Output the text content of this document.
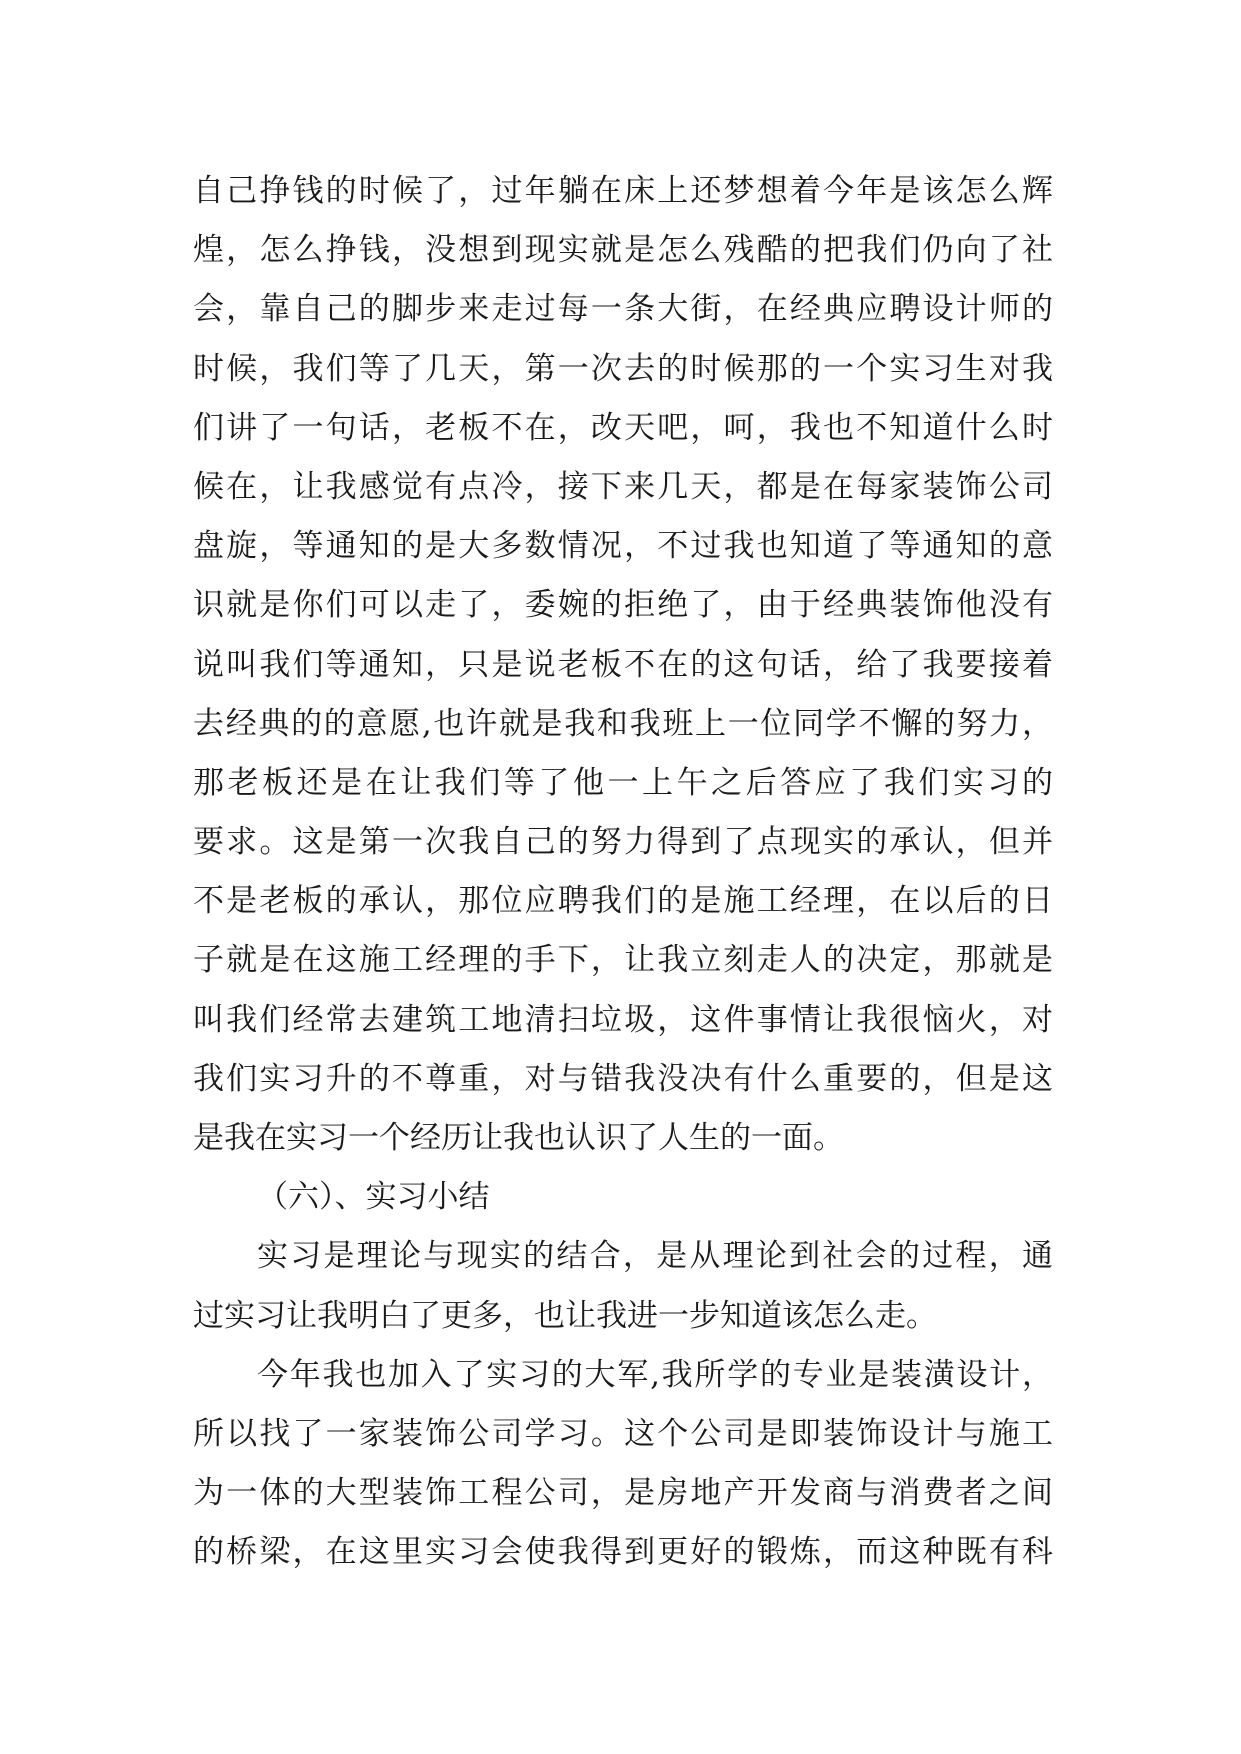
自己挣钱的时候了，过年躺在床上还梦想着今年是该怎么辉
煌，怎么挣钱，没想到现实就是怎么残酷的把我们仍向了社
会，靠自己的脚步来走过每一条大街，在经典应聘设计师的
时候，我们等了几天，第一次去的时候那的一个实习生对我
们讲了一句话，老板不在，改天吧，呵，我也不知道什么时
候在，让我感觉有点冷，接下来几天，都是在每家装饰公司
盘旋，等通知的是大多数情况，不过我也知道了等通知的意
识就是你们可以走了，委婉的拒绝了，由于经典装饰他没有
说叫我们等通知，只是说老板不在的这句话，给了我要接着
去经典的的意愿,也许就是我和我班上一位同学不懈的努力，
那老板还是在让我们等了他一上午之后答应了我们实习的
要求。这是第一次我自己的努力得到了点现实的承认，但并
不是老板的承认，那位应聘我们的是施工经理，在以后的日
子就是在这施工经理的手下，让我立刻走人的决定，那就是
叫我们经常去建筑工地清扫垃圾，这件事情让我很恼火，对
我们实习升的不尊重，对与错我没决有什么重要的，但是这
是我在实习一个经历让我也认识了人生的一面。
（六）、实习小结
实习是理论与现实的结合，是从理论到社会的过程，通
过实习让我明白了更多，也让我进一步知道该怎么走。
今年我也加入了实习的大军,我所学的专业是装潢设计，
所以找了一家装饰公司学习。这个公司是即装饰设计与施工
为一体的大型装饰工程公司，是房地产开发商与消费者之间
的桥梁，在这里实习会使我得到更好的锻炼，而这种既有科
